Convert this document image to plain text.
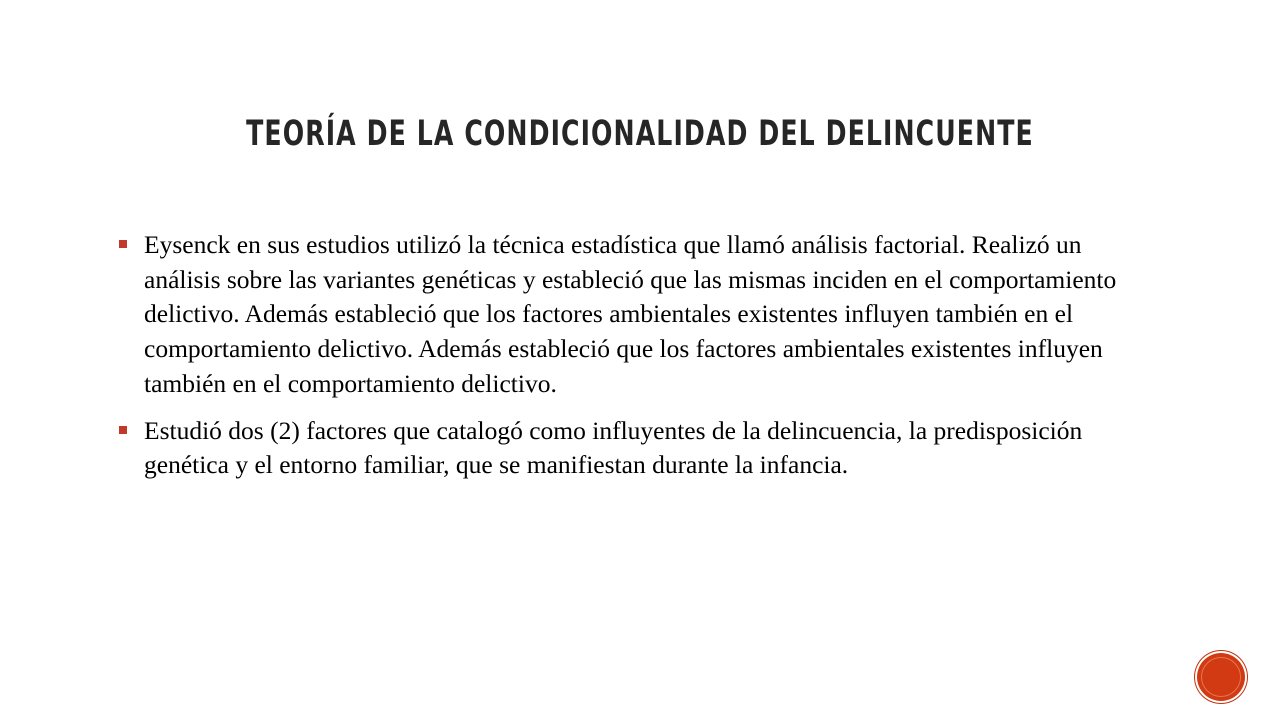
TEORÍA DE LA CONDICIONALIDAD DEL DELINCUENTE
Eysenck en sus estudios utilizó la técnica estadística que llamó análisis factorial. Realizó un análisis sobre las variantes genéticas y estableció que las mismas inciden en el comportamiento delictivo. Además estableció que los factores ambientales existentes influyen también en el comportamiento delictivo. Además estableció que los factores ambientales existentes influyen también en el comportamiento delictivo.
Estudió dos (2) factores que catalogó como influyentes de la delincuencia, la predisposición genética y el entorno familiar, que se manifiestan durante la infancia.
